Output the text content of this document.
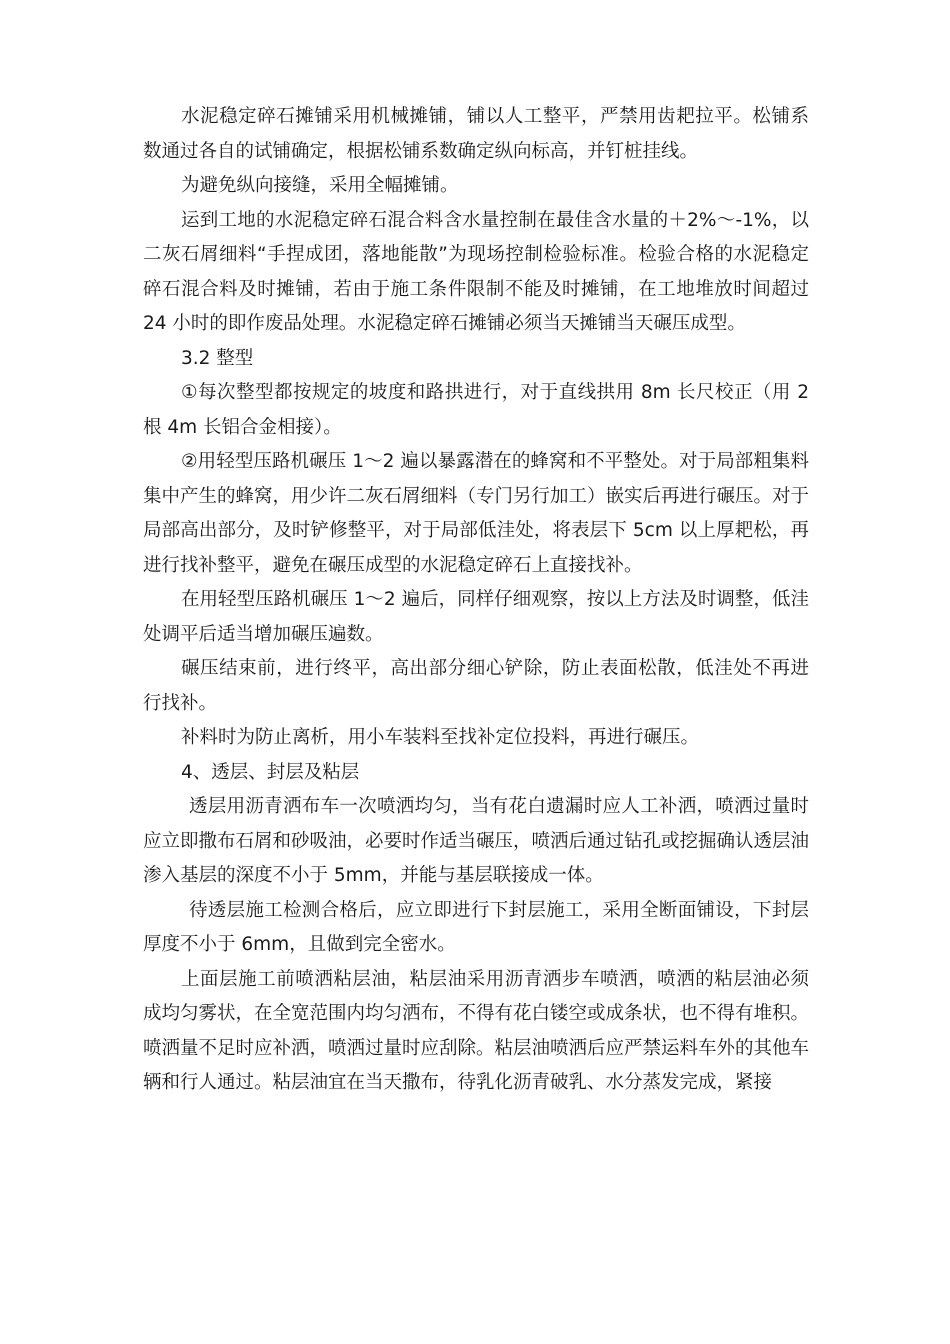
水泥稳定碎石摊铺采用机械摊铺，铺以人工整平，严禁用齿耙拉平。松铺系数通过各自的试铺确定，根据松铺系数确定纵向标高，并钉桩挂线。

为避免纵向接缝，采用全幅摊铺。

运到工地的水泥稳定碎石混合料含水量控制在最佳含水量的＋2%～-1%，以二灰石屑细料“手捏成团，落地能散”为现场控制检验标准。检验合格的水泥稳定碎石混合料及时摊铺，若由于施工条件限制不能及时摊铺，在工地堆放时间超过 24 小时的即作废品处理。水泥稳定碎石摊铺必须当天摊铺当天碾压成型。

3.2 整型

①每次整型都按规定的坡度和路拱进行，对于直线拱用 8m 长尺校正（用 2 根 4m 长铝合金相接）。

②用轻型压路机碾压 1～2 遍以暴露潜在的蜂窝和不平整处。对于局部粗集料集中产生的蜂窝，用少许二灰石屑细料（专门另行加工）嵌实后再进行碾压。对于局部高出部分，及时铲修整平，对于局部低洼处，将表层下 5cm 以上厚耙松，再进行找补整平，避免在碾压成型的水泥稳定碎石上直接找补。

在用轻型压路机碾压 1～2 遍后，同样仔细观察，按以上方法及时调整，低洼处调平后适当增加碾压遍数。

碾压结束前，进行终平，高出部分细心铲除，防止表面松散，低洼处不再进行找补。

补料时为防止离析，用小车装料至找补定位投料，再进行碾压。

4、透层、封层及粘层

透层用沥青洒布车一次喷洒均匀，当有花白遗漏时应人工补洒，喷洒过量时应立即撒布石屑和砂吸油，必要时作适当碾压，喷洒后通过钻孔或挖掘确认透层油渗入基层的深度不小于 5mm，并能与基层联接成一体。

待透层施工检测合格后，应立即进行下封层施工，采用全断面铺设，下封层厚度不小于 6mm，且做到完全密水。

上面层施工前喷洒粘层油，粘层油采用沥青洒步车喷洒，喷洒的粘层油必须成均匀雾状，在全宽范围内均匀洒布，不得有花白镂空或成条状，也不得有堆积。喷洒量不足时应补洒，喷洒过量时应刮除。粘层油喷洒后应严禁运料车外的其他车辆和行人通过。粘层油宜在当天撒布，待乳化沥青破乳、水分蒸发完成，紧接
